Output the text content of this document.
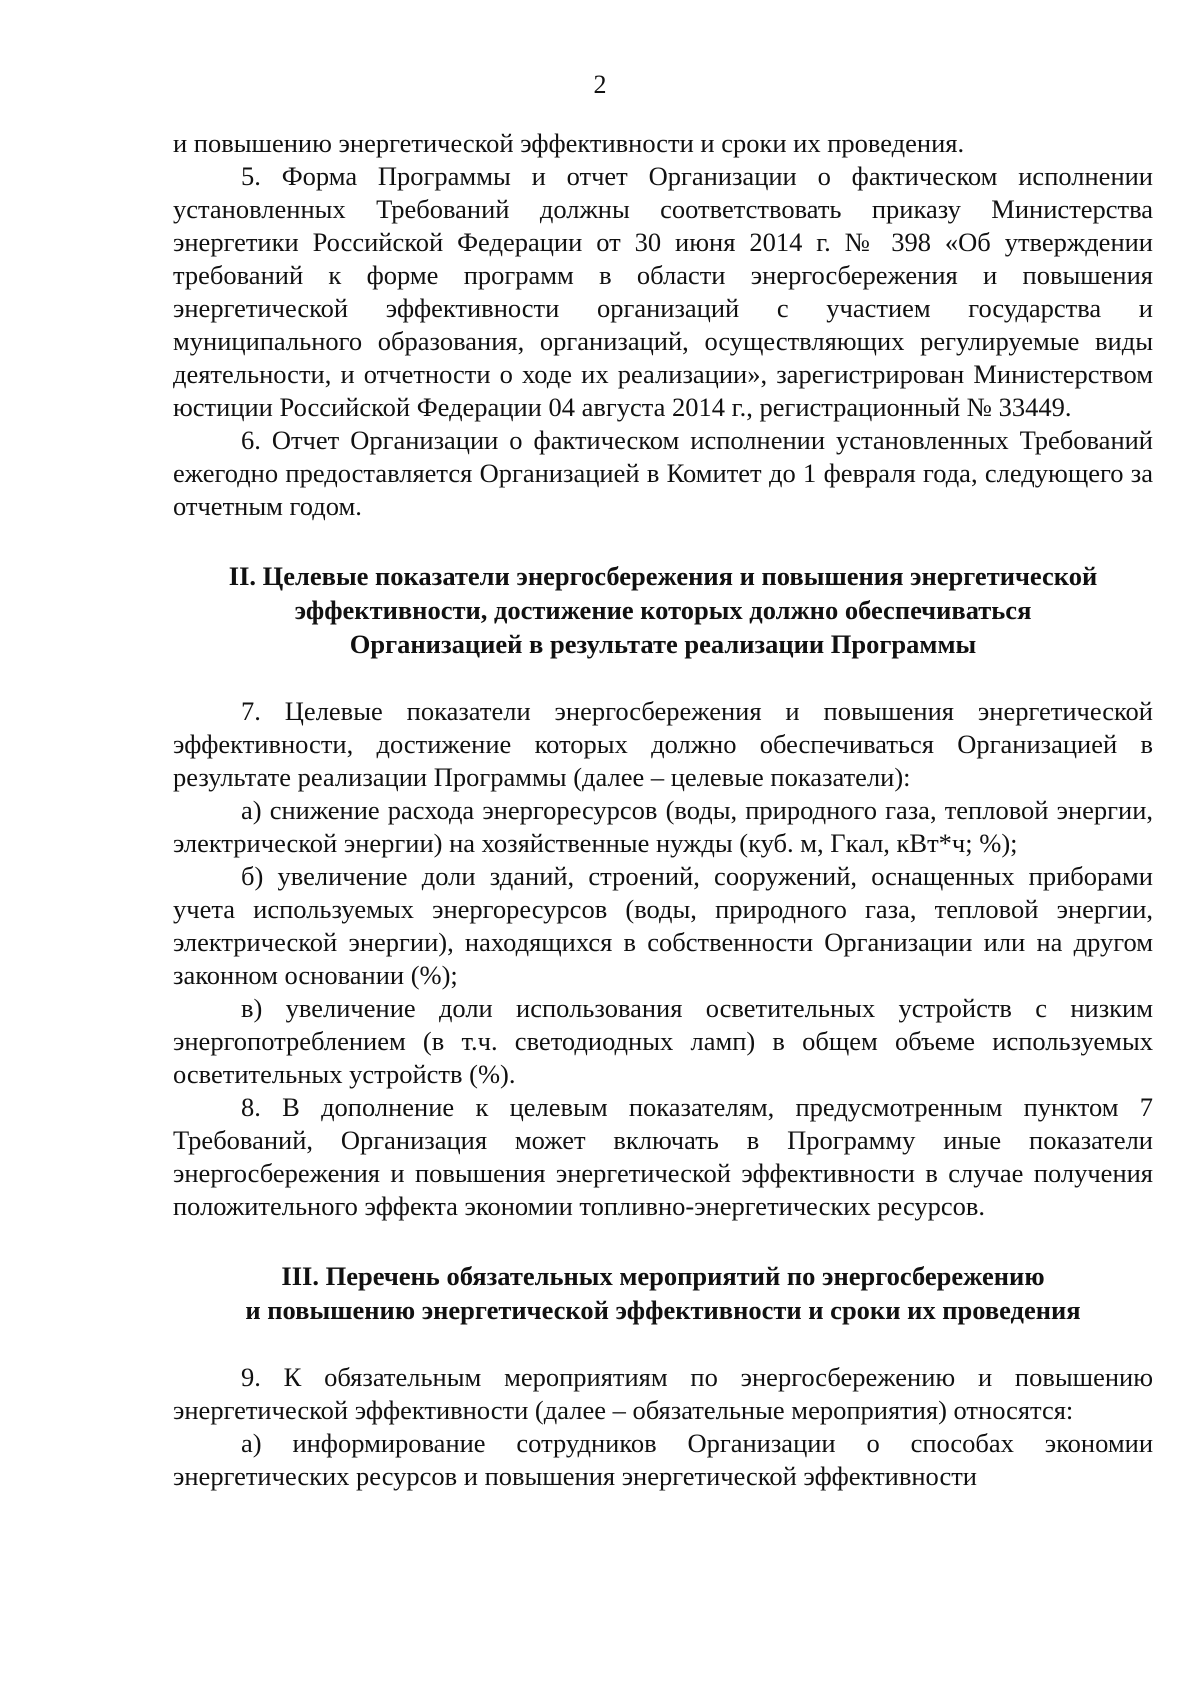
2

и повышению энергетической эффективности и сроки их проведения.

5. Форма Программы и отчет Организации о фактическом исполнении установленных Требований должны соответствовать приказу Министерства энергетики Российской Федерации от 30 июня 2014 г. № 398 «Об утверждении требований к форме программ в области энергосбережения и повышения энергетической эффективности организаций с участием государства и муниципального образования, организаций, осуществляющих регулируемые виды деятельности, и отчетности о ходе их реализации», зарегистрирован Министерством юстиции Российской Федерации 04 августа 2014 г., регистрационный № 33449.

6. Отчет Организации о фактическом исполнении установленных Требований ежегодно предоставляется Организацией в Комитет до 1 февраля года, следующего за отчетным годом.

II. Целевые показатели энергосбережения и повышения энергетической
эффективности, достижение которых должно обеспечиваться
Организацией в результате реализации Программы

7. Целевые показатели энергосбережения и повышения энергетической эффективности, достижение которых должно обеспечиваться Организацией в результате реализации Программы (далее – целевые показатели):

а) снижение расхода энергоресурсов (воды, природного газа, тепловой энергии, электрической энергии) на хозяйственные нужды (куб. м, Гкал, кВт*ч; %);

б) увеличение доли зданий, строений, сооружений, оснащенных приборами учета используемых энергоресурсов (воды, природного газа, тепловой энергии, электрической энергии), находящихся в собственности Организации или на другом законном основании (%);

в) увеличение доли использования осветительных устройств с низким энергопотреблением (в т.ч. светодиодных ламп) в общем объеме используемых осветительных устройств (%).

8. В дополнение к целевым показателям, предусмотренным пунктом 7 Требований, Организация может включать в Программу иные показатели энергосбережения и повышения энергетической эффективности в случае получения положительного эффекта экономии топливно-энергетических ресурсов.

III. Перечень обязательных мероприятий по энергосбережению
и повышению энергетической эффективности и сроки их проведения

9. К обязательным мероприятиям по энергосбережению и повышению энергетической эффективности (далее – обязательные мероприятия) относятся:

а) информирование сотрудников Организации о способах экономии энергетических ресурсов и повышения энергетической эффективности
